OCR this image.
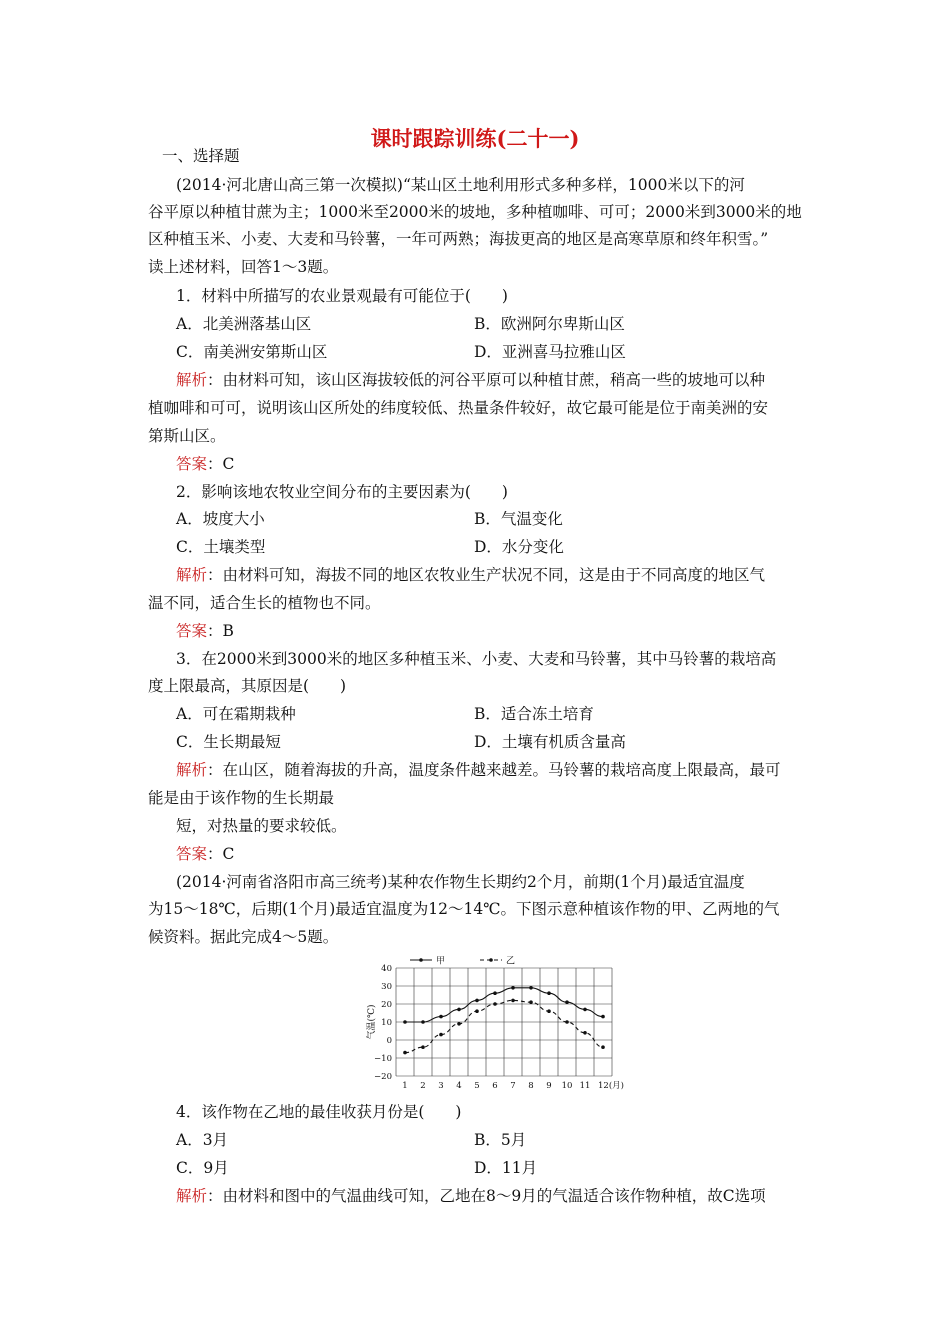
课时跟踪训练(二十一)
一、选择题
(2014·河北唐山高三第一次模拟)“某山区土地利用形式多种多样，1000米以下的河
谷平原以种植甘蔗为主；1000米至2000米的坡地，多种植咖啡、可可；2000米到3000米的地
区种植玉米、小麦、大麦和马铃薯，一年可两熟；海拔更高的地区是高寒草原和终年积雪。”
读上述材料，回答1～3题。
1．材料中所描写的农业景观最有可能位于(　　)
A．北美洲落基山区	B．欧洲阿尔卑斯山区
C．南美洲安第斯山区	D．亚洲喜马拉雅山区
解析：由材料可知，该山区海拔较低的河谷平原可以种植甘蔗，稍高一些的坡地可以种
植咖啡和可可，说明该山区所处的纬度较低、热量条件较好，故它最可能是位于南美洲的安
第斯山区。
答案：C
2．影响该地农牧业空间分布的主要因素为(　　)
A．坡度大小	B．气温变化
C．土壤类型	D．水分变化
解析：由材料可知，海拔不同的地区农牧业生产状况不同，这是由于不同高度的地区气
温不同，适合生长的植物也不同。
答案：B
3．在2000米到3000米的地区多种植玉米、小麦、大麦和马铃薯，其中马铃薯的栽培高
度上限最高，其原因是(　　)
A．可在霜期栽种	B．适合冻土培育
C．生长期最短	D．土壤有机质含量高
解析：在山区，随着海拔的升高，温度条件越来越差。马铃薯的栽培高度上限最高，最可
能是由于该作物的生长期最
短，对热量的要求较低。
答案：C
(2014·河南省洛阳市高三统考)某种农作物生长期约2个月，前期(1个月)最适宜温度
为15～18℃，后期(1个月)最适宜温度为12～14℃。下图示意种植该作物的甲、乙两地的气
候资料。据此完成4～5题。
40
30
20
10
0
−10
−20
1 2 3 4 5 6 7 8 9 10 11 12(月)
气温(℃)
甲	乙
4．该作物在乙地的最佳收获月份是(　　)
A．3月	B．5月
C．9月	D．11月
解析：由材料和图中的气温曲线可知，乙地在8～9月的气温适合该作物种植，故C选项
